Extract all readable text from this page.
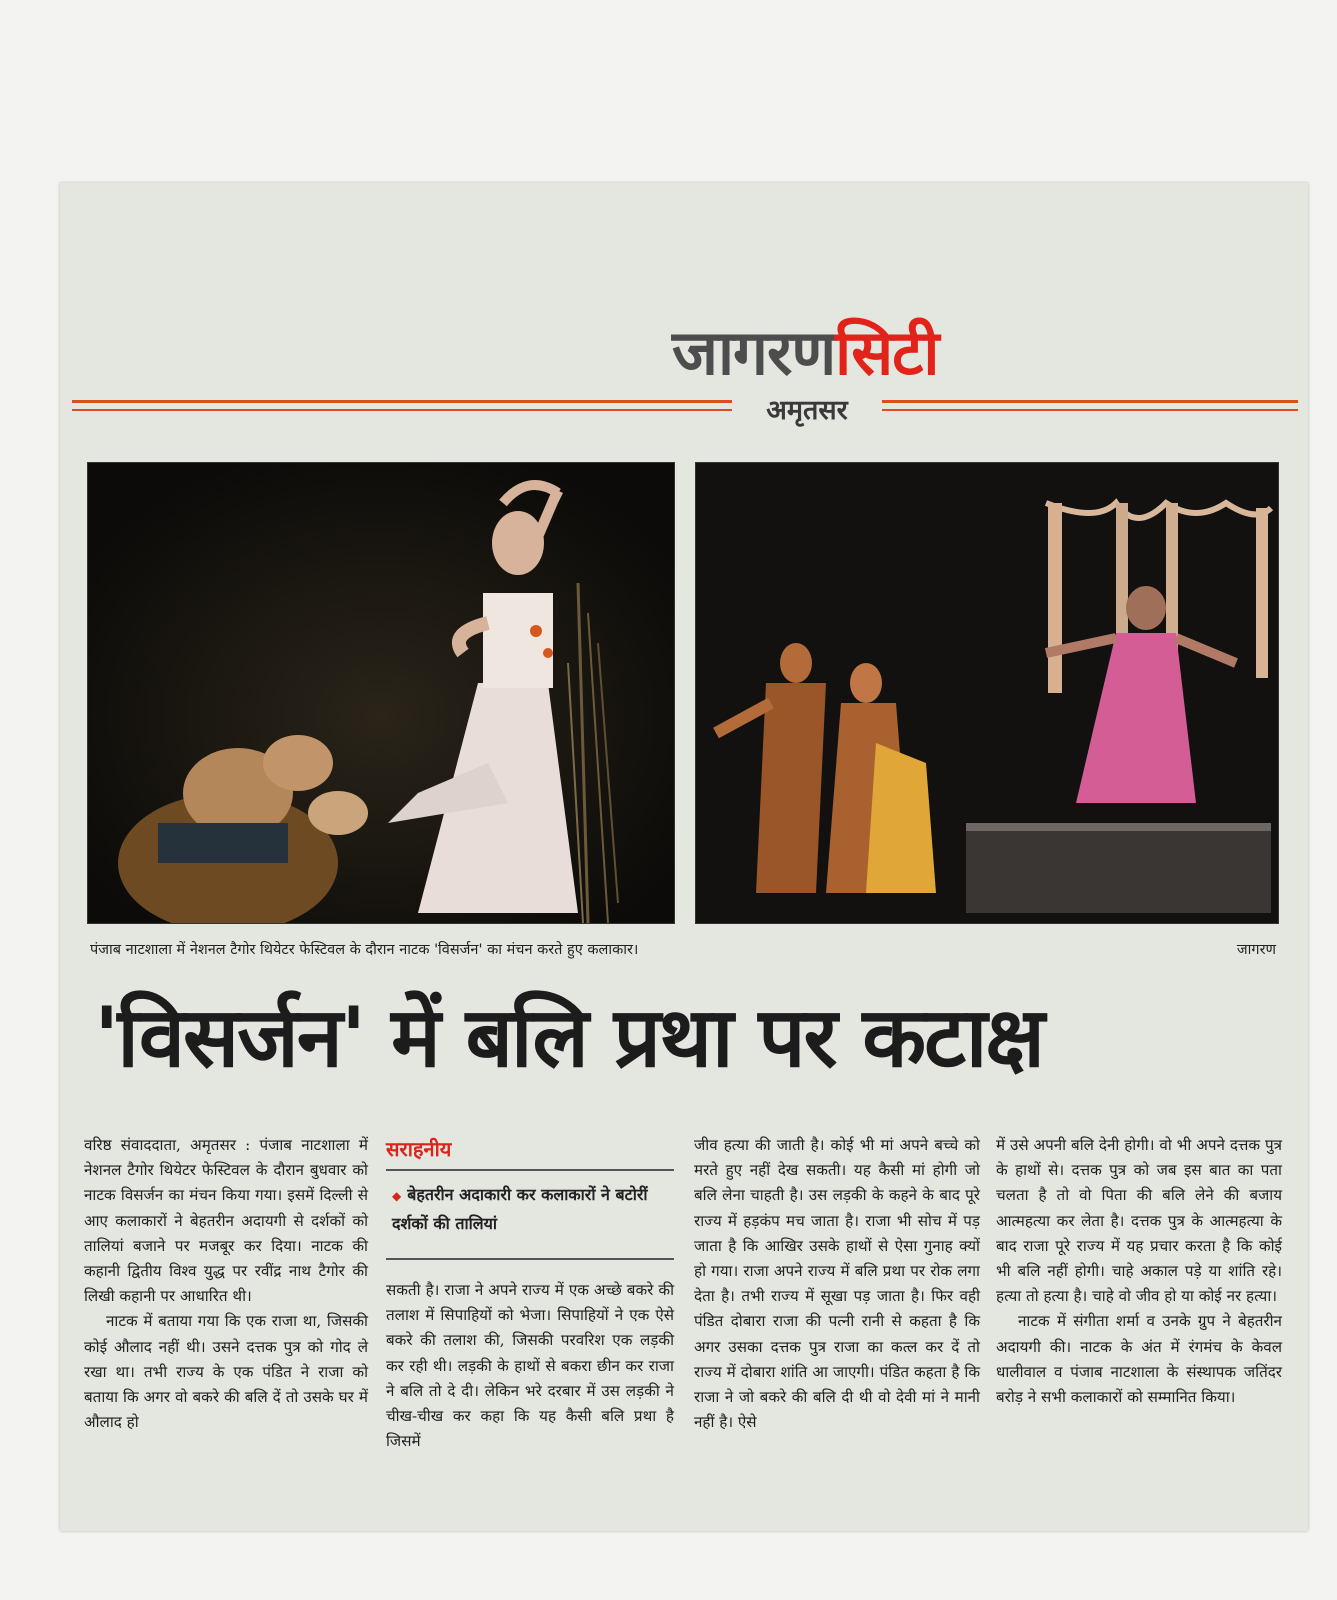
जागरणसिटी
अमृतसर
पंजाब नाटशाला में नेशनल टैगोर थियेटर फेस्टिवल के दौरान नाटक 'विसर्जन' का मंचन करते हुए कलाकार।	जागरण
'विसर्जन' में बलि प्रथा पर कटाक्ष

वरिष्ठ संवाददाता, अमृतसर : पंजाब नाटशाला में नेशनल टैगोर थियेटर फेस्टिवल के दौरान बुधवार को नाटक विसर्जन का मंचन किया गया। इसमें दिल्ली से आए कलाकारों ने बेहतरीन अदायगी से दर्शकों को तालियां बजाने पर मजबूर कर दिया। नाटक की कहानी द्वितीय विश्व युद्ध पर रवींद्र नाथ टैगोर की लिखी कहानी पर आधारित थी।

नाटक में बताया गया कि एक राजा था, जिसकी कोई औलाद नहीं थी। उसने दत्तक पुत्र को गोद ले रखा था। तभी राज्य के एक पंडित ने राजा को बताया कि अगर वो बकरे की बलि दें तो उसके घर में औलाद हो

सराहनीय
◆ बेहतरीन अदाकारी कर कलाकारों ने बटोरीं दर्शकों की तालियां

सकती है। राजा ने अपने राज्य में एक अच्छे बकरे की तलाश में सिपाहियों को भेजा। सिपाहियों ने एक ऐसे बकरे की तलाश की, जिसकी परवरिश एक लड़की कर रही थी। लड़की के हाथों से बकरा छीन कर राजा ने बलि तो दे दी। लेकिन भरे दरबार में उस लड़की ने चीख-चीख कर कहा कि यह कैसी बलि प्रथा है जिसमें

जीव हत्या की जाती है। कोई भी मां अपने बच्चे को मरते हुए नहीं देख सकती। यह कैसी मां होगी जो बलि लेना चाहती है। उस लड़की के कहने के बाद पूरे राज्य में हड़कंप मच जाता है। राजा भी सोच में पड़ जाता है कि आखिर उसके हाथों से ऐसा गुनाह क्यों हो गया। राजा अपने राज्य में बलि प्रथा पर रोक लगा देता है। तभी राज्य में सूखा पड़ जाता है। फिर वही पंडित दोबारा राजा की पत्नी रानी से कहता है कि अगर उसका दत्तक पुत्र राजा का कत्ल कर दें तो राज्य में दोबारा शांति आ जाएगी। पंडित कहता है कि राजा ने जो बकरे की बलि दी थी वो देवी मां ने मानी नहीं है। ऐसे

में उसे अपनी बलि देनी होगी। वो भी अपने दत्तक पुत्र के हाथों से। दत्तक पुत्र को जब इस बात का पता चलता है तो वो पिता की बलि लेने की बजाय आत्महत्या कर लेता है। दत्तक पुत्र के आत्महत्या के बाद राजा पूरे राज्य में यह प्रचार करता है कि कोई भी बलि नहीं होगी। चाहे अकाल पड़े या शांति रहे। हत्या तो हत्या है। चाहे वो जीव हो या कोई नर हत्या।

नाटक में संगीता शर्मा व उनके ग्रुप ने बेहतरीन अदायगी की। नाटक के अंत में रंगमंच के केवल धालीवाल व पंजाब नाटशाला के संस्थापक जतिंदर बरोड़ ने सभी कलाकारों को सम्मानित किया।
